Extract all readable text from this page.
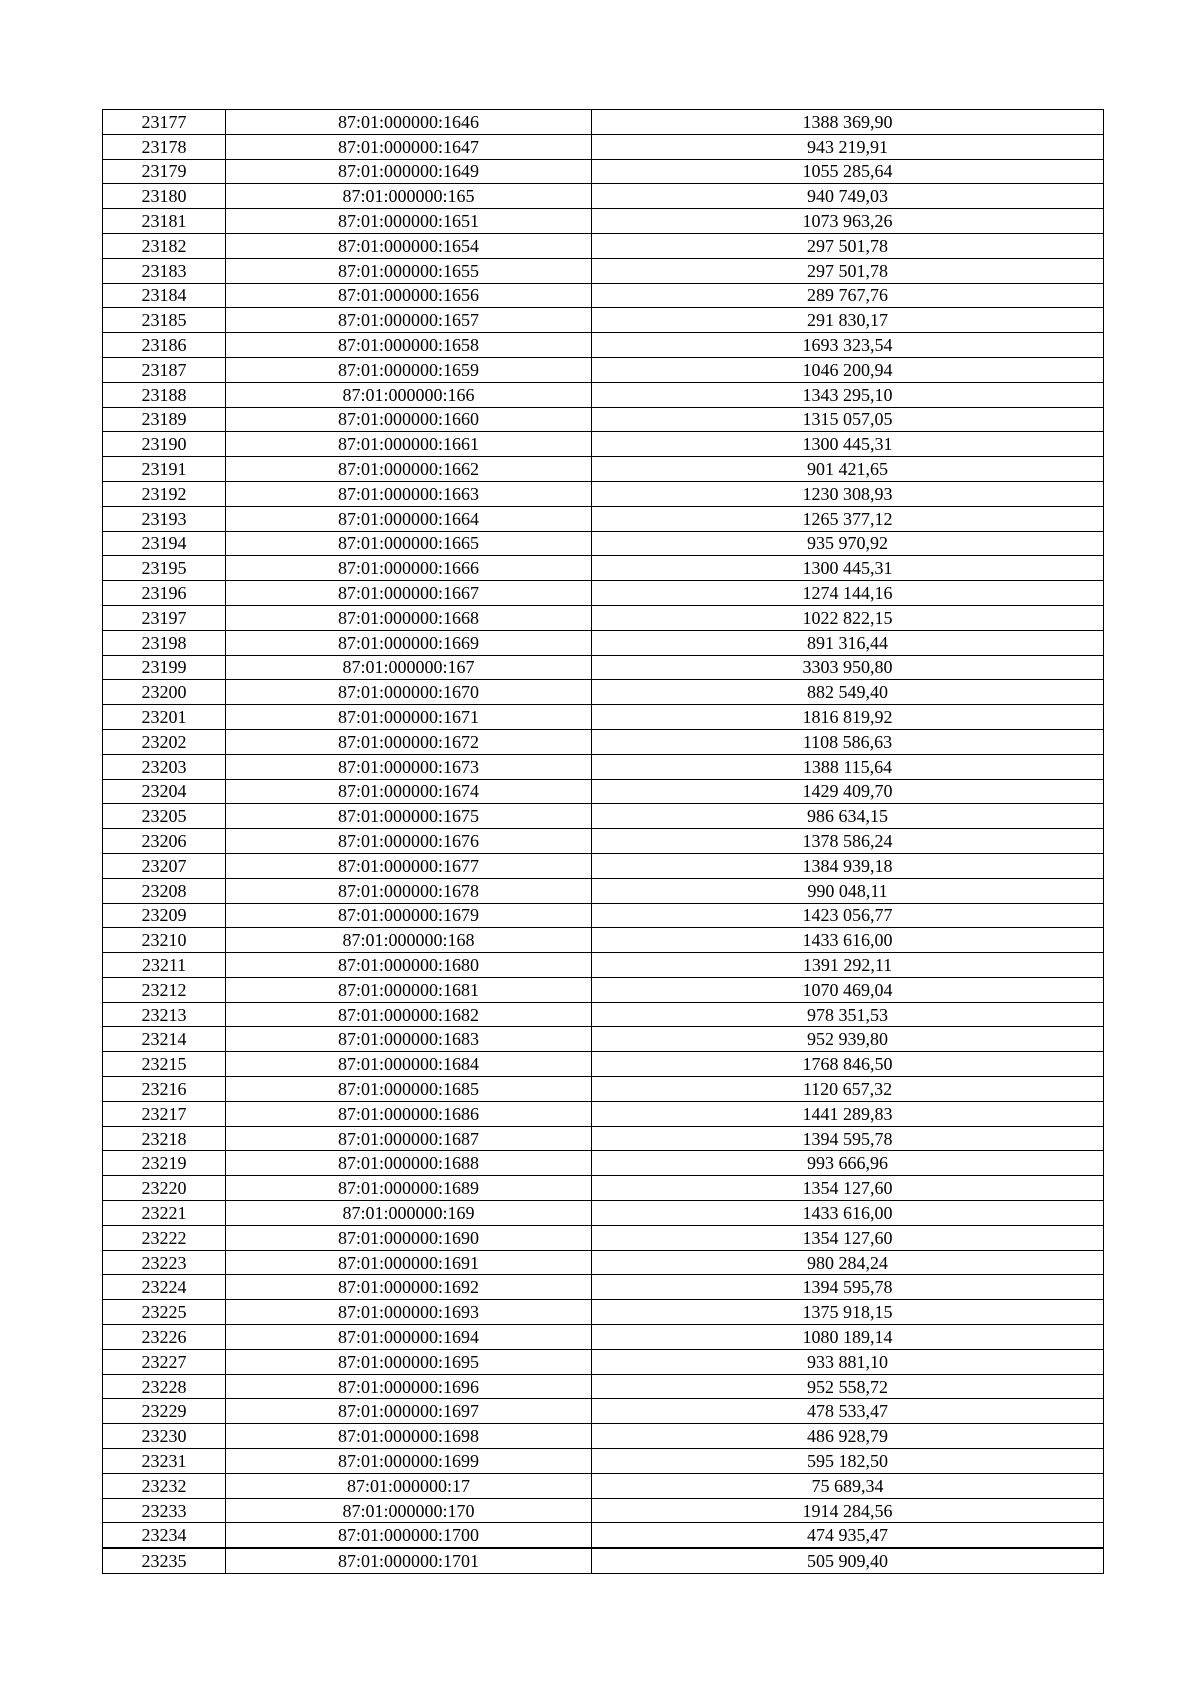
23177	87:01:000000:1646	1388 369,90
23178	87:01:000000:1647	943 219,91
23179	87:01:000000:1649	1055 285,64
23180	87:01:000000:165	940 749,03
23181	87:01:000000:1651	1073 963,26
23182	87:01:000000:1654	297 501,78
23183	87:01:000000:1655	297 501,78
23184	87:01:000000:1656	289 767,76
23185	87:01:000000:1657	291 830,17
23186	87:01:000000:1658	1693 323,54
23187	87:01:000000:1659	1046 200,94
23188	87:01:000000:166	1343 295,10
23189	87:01:000000:1660	1315 057,05
23190	87:01:000000:1661	1300 445,31
23191	87:01:000000:1662	901 421,65
23192	87:01:000000:1663	1230 308,93
23193	87:01:000000:1664	1265 377,12
23194	87:01:000000:1665	935 970,92
23195	87:01:000000:1666	1300 445,31
23196	87:01:000000:1667	1274 144,16
23197	87:01:000000:1668	1022 822,15
23198	87:01:000000:1669	891 316,44
23199	87:01:000000:167	3303 950,80
23200	87:01:000000:1670	882 549,40
23201	87:01:000000:1671	1816 819,92
23202	87:01:000000:1672	1108 586,63
23203	87:01:000000:1673	1388 115,64
23204	87:01:000000:1674	1429 409,70
23205	87:01:000000:1675	986 634,15
23206	87:01:000000:1676	1378 586,24
23207	87:01:000000:1677	1384 939,18
23208	87:01:000000:1678	990 048,11
23209	87:01:000000:1679	1423 056,77
23210	87:01:000000:168	1433 616,00
23211	87:01:000000:1680	1391 292,11
23212	87:01:000000:1681	1070 469,04
23213	87:01:000000:1682	978 351,53
23214	87:01:000000:1683	952 939,80
23215	87:01:000000:1684	1768 846,50
23216	87:01:000000:1685	1120 657,32
23217	87:01:000000:1686	1441 289,83
23218	87:01:000000:1687	1394 595,78
23219	87:01:000000:1688	993 666,96
23220	87:01:000000:1689	1354 127,60
23221	87:01:000000:169	1433 616,00
23222	87:01:000000:1690	1354 127,60
23223	87:01:000000:1691	980 284,24
23224	87:01:000000:1692	1394 595,78
23225	87:01:000000:1693	1375 918,15
23226	87:01:000000:1694	1080 189,14
23227	87:01:000000:1695	933 881,10
23228	87:01:000000:1696	952 558,72
23229	87:01:000000:1697	478 533,47
23230	87:01:000000:1698	486 928,79
23231	87:01:000000:1699	595 182,50
23232	87:01:000000:17	75 689,34
23233	87:01:000000:170	1914 284,56
23234	87:01:000000:1700	474 935,47
23235	87:01:000000:1701	505 909,40
